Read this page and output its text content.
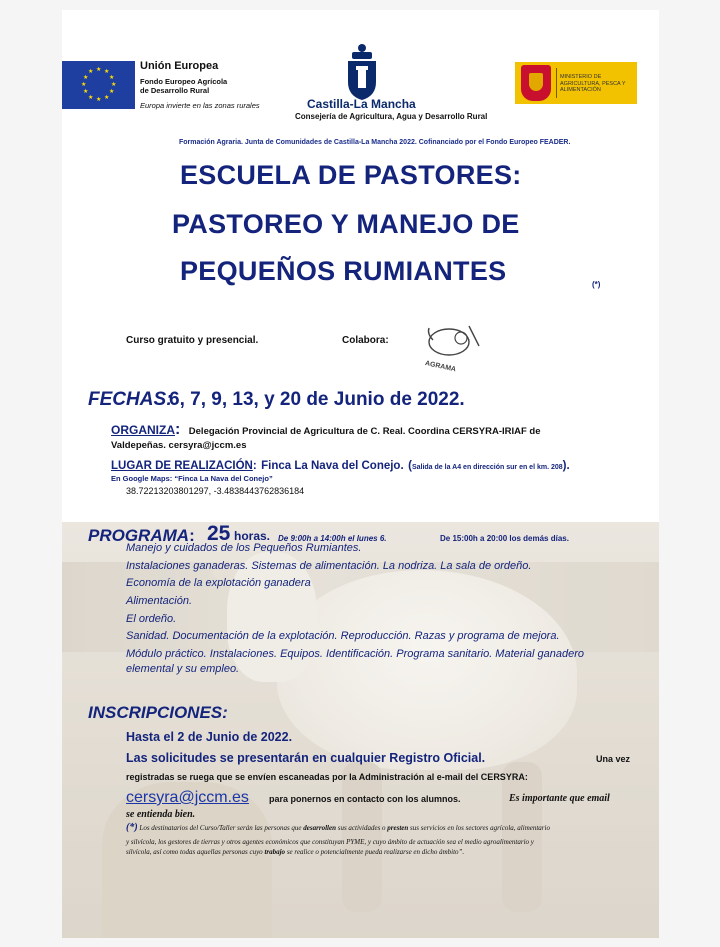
★ ★
★
★
★
★
★
★
★
★
★
★	Unión Europea
Fondo Europeo Agrícola
de Desarrollo Rural
Europa invierte en las zonas rurales	Castilla-La Mancha
Consejería de Agricultura, Agua y Desarrollo Rural
MINISTERIO DE AGRICULTURA, PESCA Y ALIMENTACIÓN
Formación Agraria. Junta de Comunidades de Castilla-La Mancha 2022. Cofinanciado por el Fondo Europeo FEADER.
ESCUELA DE PASTORES:
PASTOREO Y MANEJO DE
PEQUEÑOS RUMIANTES	(*)
Curso gratuito y presencial.	Colabora:
AGRAMA
FECHAS:
6, 7, 9, 13, y 20 de Junio de 2022.
ORGANIZA: Delegación Provincial de Agricultura de C. Real. Coordina CERSYRA-IRIAF de
Valdepeñas. cersyra@jccm.es
LUGAR DE REALIZACIÓN: Finca La Nava del Conejo. (Salida de la A4 en dirección sur en el km. 208).
En Google Maps: “Finca La Nava del Conejo”
38.72213203801297, -3.4838443762836184
PROGRAMA: 25 horas. De 9:00h a 14:00h el lunes 6.	De 15:00h a 20:00 los demás días.
Manejo y cuidados de los Pequeños Rumiantes.
Instalaciones ganaderas. Sistemas de alimentación. La nodriza. La sala de ordeño.
Economía de la explotación ganadera
Alimentación.
El ordeño.
Sanidad. Documentación de la explotación. Reproducción. Razas y programa de mejora.
Módulo práctico. Instalaciones. Equipos. Identificación. Programa sanitario. Material ganadero
elemental y su empleo.
INSCRIPCIONES:
Hasta el 2 de Junio de 2022.
Las solicitudes se presentarán en cualquier Registro Oficial.	Una vez
registradas se ruega que se envíen escaneadas por la Administración al e-mail del CERSYRA:
cersyra@jccm.es para ponernos en contacto con los alumnos.	Es importante que email
se entienda bien.
(*) Los destinatarios del Curso/Taller serán las personas que desarrollen sus actividades o presten sus servicios en los sectores agrícola, alimentario
y silvícola, los gestores de tierras y otros agentes económicos que constituyan PYME, y cuyo ámbito de actuación sea el medio agroalimentario y
silvícola, así como todas aquellas personas cuyo trabajo se realice o potencialmente pueda realizarse en dicho ámbito”.
